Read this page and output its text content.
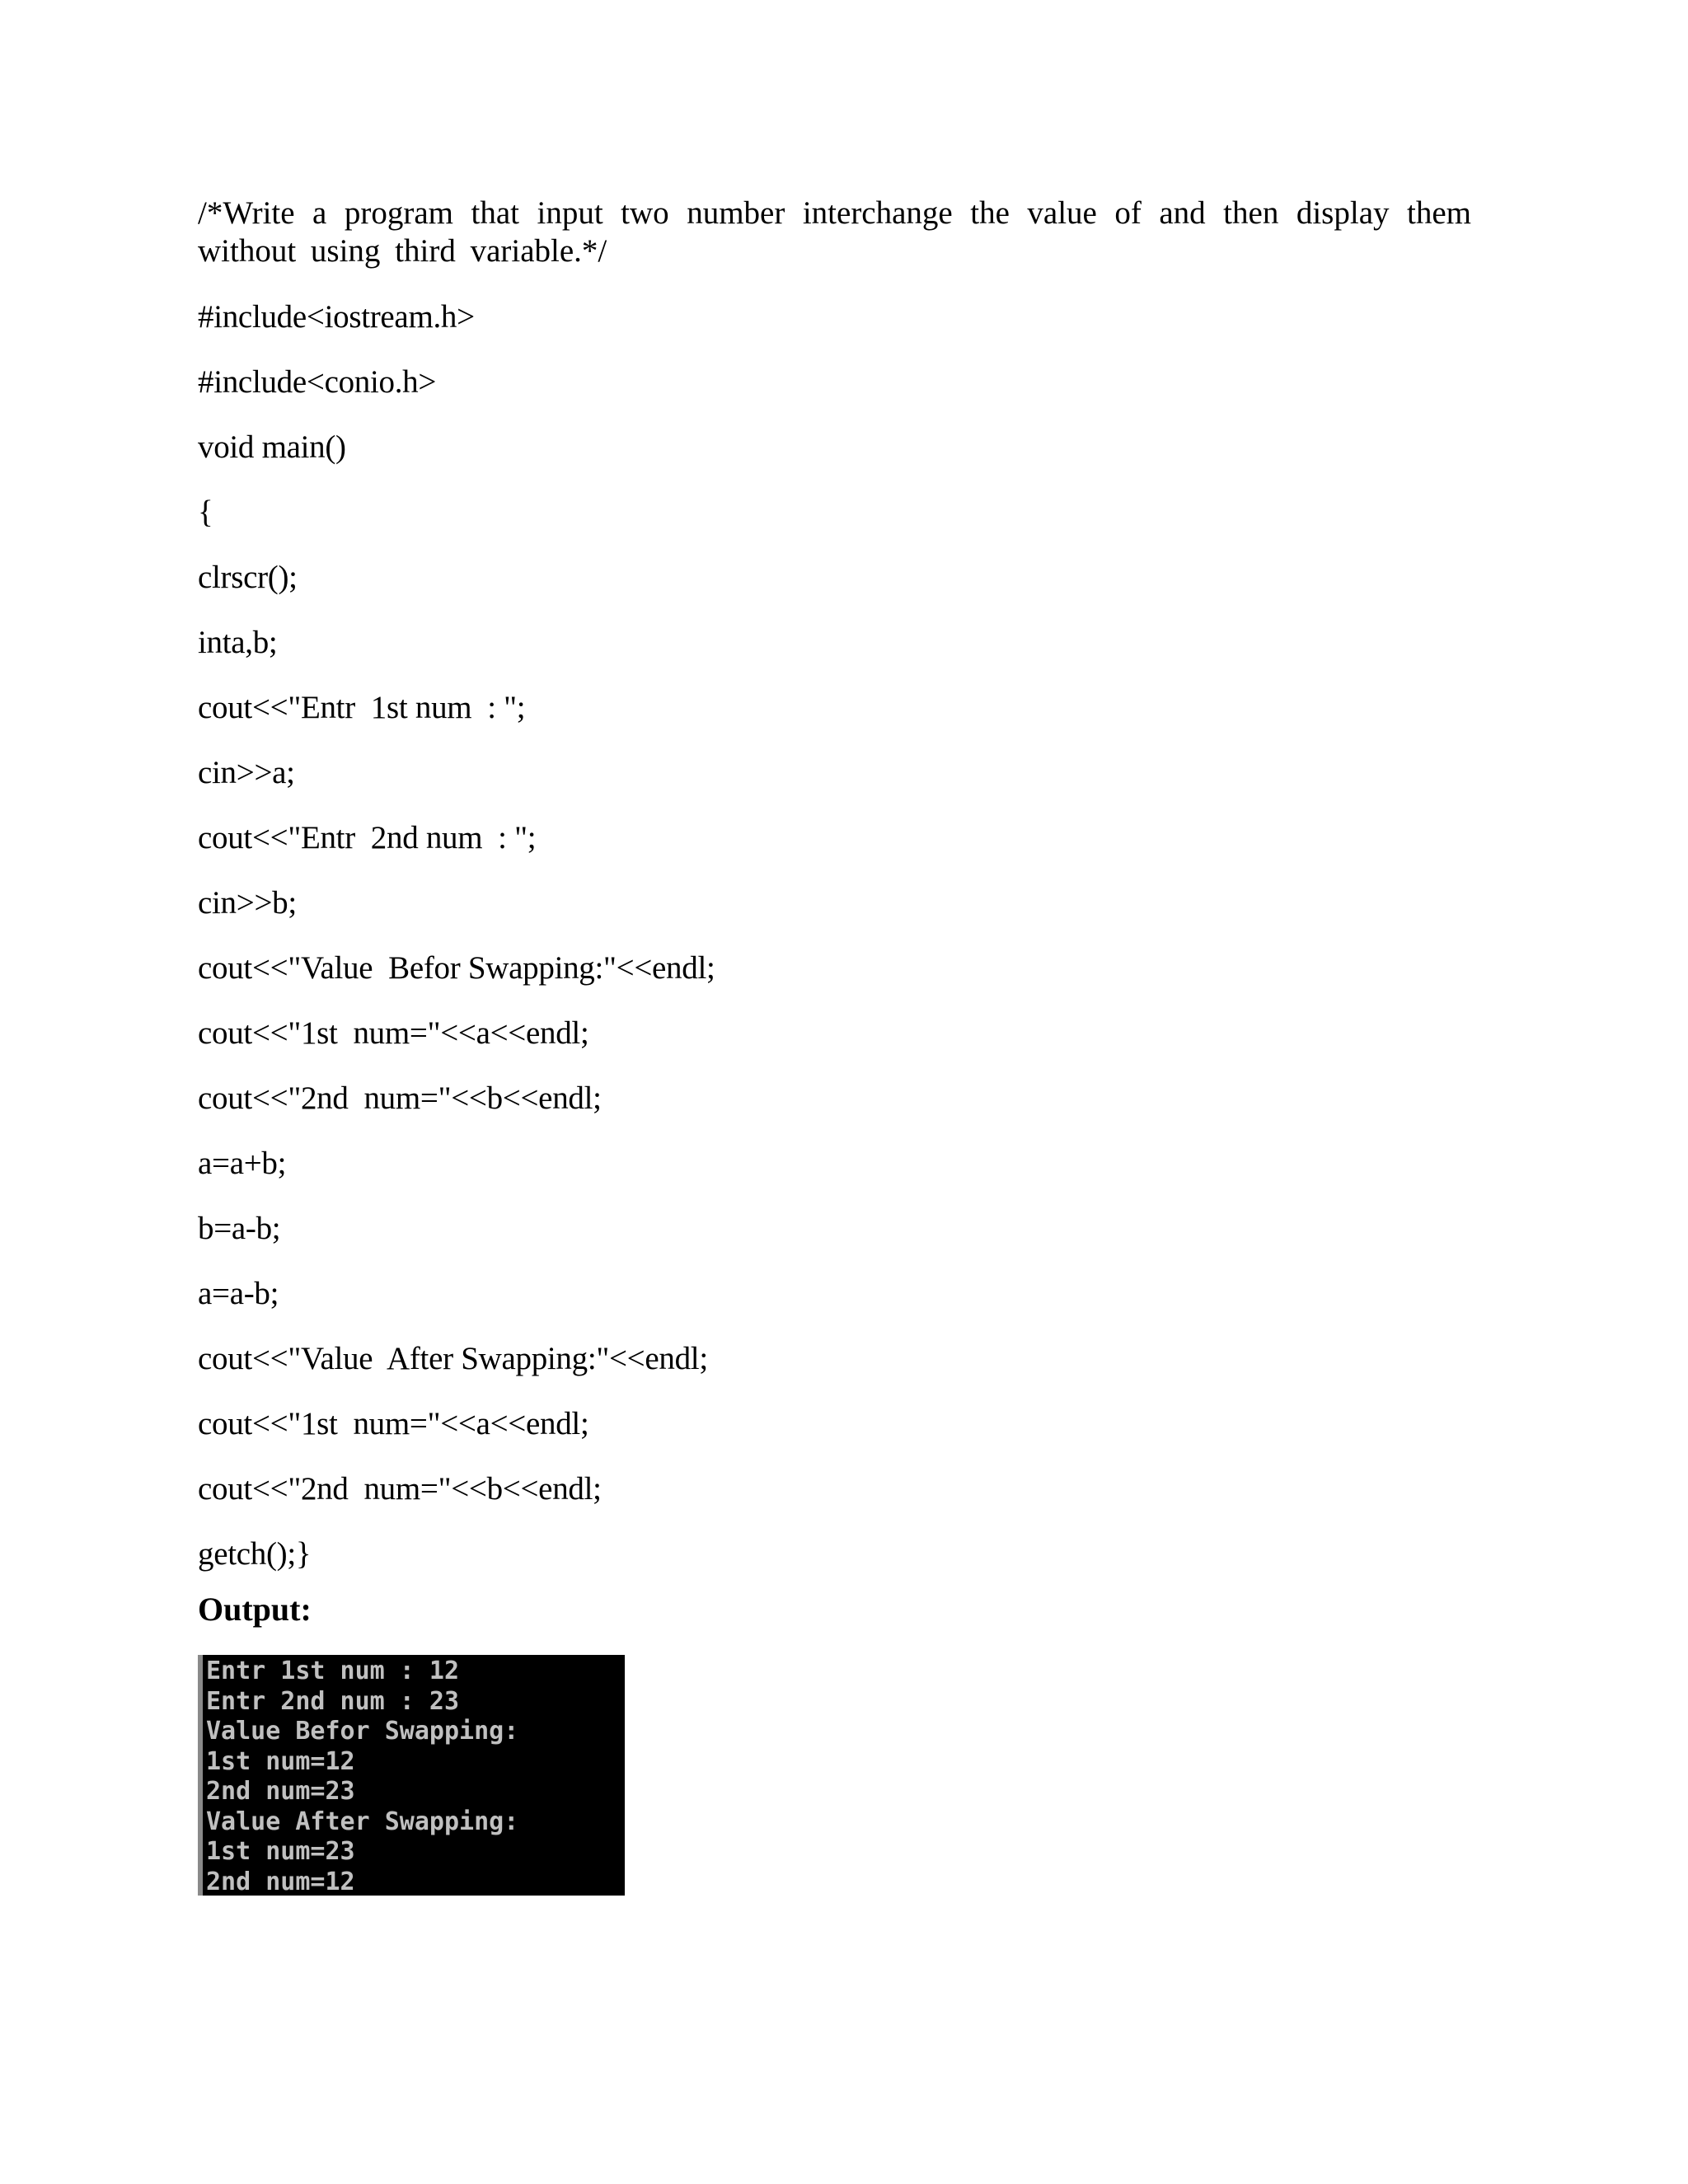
/*Write a program that input two number interchange the value of and then display them without using third variable.*/
#include<iostream.h>
#include<conio.h>
void main()
{
clrscr();
inta,b;
cout<<"Entr  1st num  : ";
cin>>a;
cout<<"Entr  2nd num  : ";
cin>>b;
cout<<"Value  Befor Swapping:"<<endl;
cout<<"1st  num="<<a<<endl;
cout<<"2nd  num="<<b<<endl;
a=a+b;
b=a-b;
a=a-b;
cout<<"Value  After Swapping:"<<endl;
cout<<"1st  num="<<a<<endl;
cout<<"2nd  num="<<b<<endl;
getch();}
Output:
Entr 1st num : 12
Entr 2nd num : 23
Value Befor Swapping:
1st num=12
2nd num=23
Value After Swapping:
1st num=23
2nd num=12
